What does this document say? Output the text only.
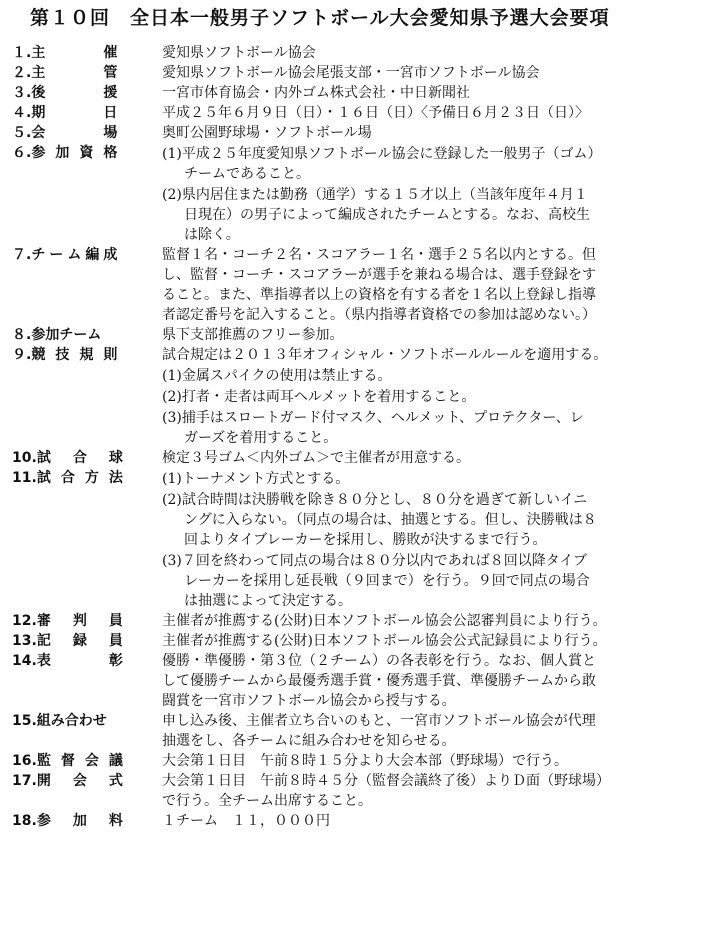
第１０回　全日本一般男子ソフトボール大会愛知県予選大会要項
１. 主	催	愛知県ソフトボール協会
２. 主	管	愛知県ソフトボール協会尾張支部・一宮市ソフトボール協会
３. 後	援	一宮市体育協会・内外ゴム株式会社・中日新聞社
４. 期	日	平成２５年６月９日（日）・１６日（日）〈予備日６月２３日（日）〉
５. 会	場	奥町公園野球場・ソフトボール場
６. 参 加 資 格	(1)平成２５年度愛知県ソフトボール協会に登録した一般男子（ゴム）
チームであること。
(2)県内居住または勤務（通学）する１５才以上（当該年度年４月１
日現在）の男子によって編成されたチームとする。なお、高校生
は除く。
７. チ ー ム 編 成	監督１名・コーチ２名・スコアラー１名・選手２５名以内とする。但
し、監督・コーチ・スコアラーが選手を兼ねる場合は、選手登録をす
ること。また、準指導者以上の資格を有する者を１名以上登録し指導
者認定番号を記入すること。（県内指導者資格での参加は認めない。）
８. 参加チーム	県下支部推薦のフリー参加。
９. 競 技 規 則	試合規定は２０１３年オフィシャル・ソフトボールルールを適用する。
(1)金属スパイクの使用は禁止する。
(2)打者・走者は両耳ヘルメットを着用すること。
(3)捕手はスロートガード付マスク、ヘルメット、プロテクター、レ
ガーズを着用すること。
10. 試 合 球	検定３号ゴム＜内外ゴム＞で主催者が用意する。
11. 試 合 方 法	(1)トーナメント方式とする。
(2)試合時間は決勝戦を除き８０分とし、８０分を過ぎて新しいイニ
ングに入らない。（同点の場合は、抽選とする。但し、決勝戦は８
回よりタイブレーカーを採用し、勝敗が決するまで行う。
(3)７回を終わって同点の場合は８０分以内であれば８回以降タイブ
レーカーを採用し延長戦（９回まで）を行う。９回で同点の場合
は抽選によって決定する。
12. 審 判 員	主催者が推薦する(公財)日本ソフトボール協会公認審判員により行う。
13. 記 録 員	主催者が推薦する(公財)日本ソフトボール協会公式記録員により行う。
14. 表	彰	優勝・準優勝・第３位（２チーム）の各表彰を行う。なお、個人賞と
して優勝チームから最優秀選手賞・優秀選手賞、準優勝チームから敢
闘賞を一宮市ソフトボール協会から授与する。
15. 組み合わせ	申し込み後、主催者立ち合いのもと、一宮市ソフトボール協会が代理
抽選をし、各チームに組み合わせを知らせる。
16. 監 督 会 議	大会第１日目　午前８時１５分より大会本部（野球場）で行う。
17. 開 会 式	大会第１日目　午前８時４５分（監督会議終了後）よりＤ面（野球場）
で行う。全チーム出席すること。
18. 参 加 料	１チーム　１１，０００円
